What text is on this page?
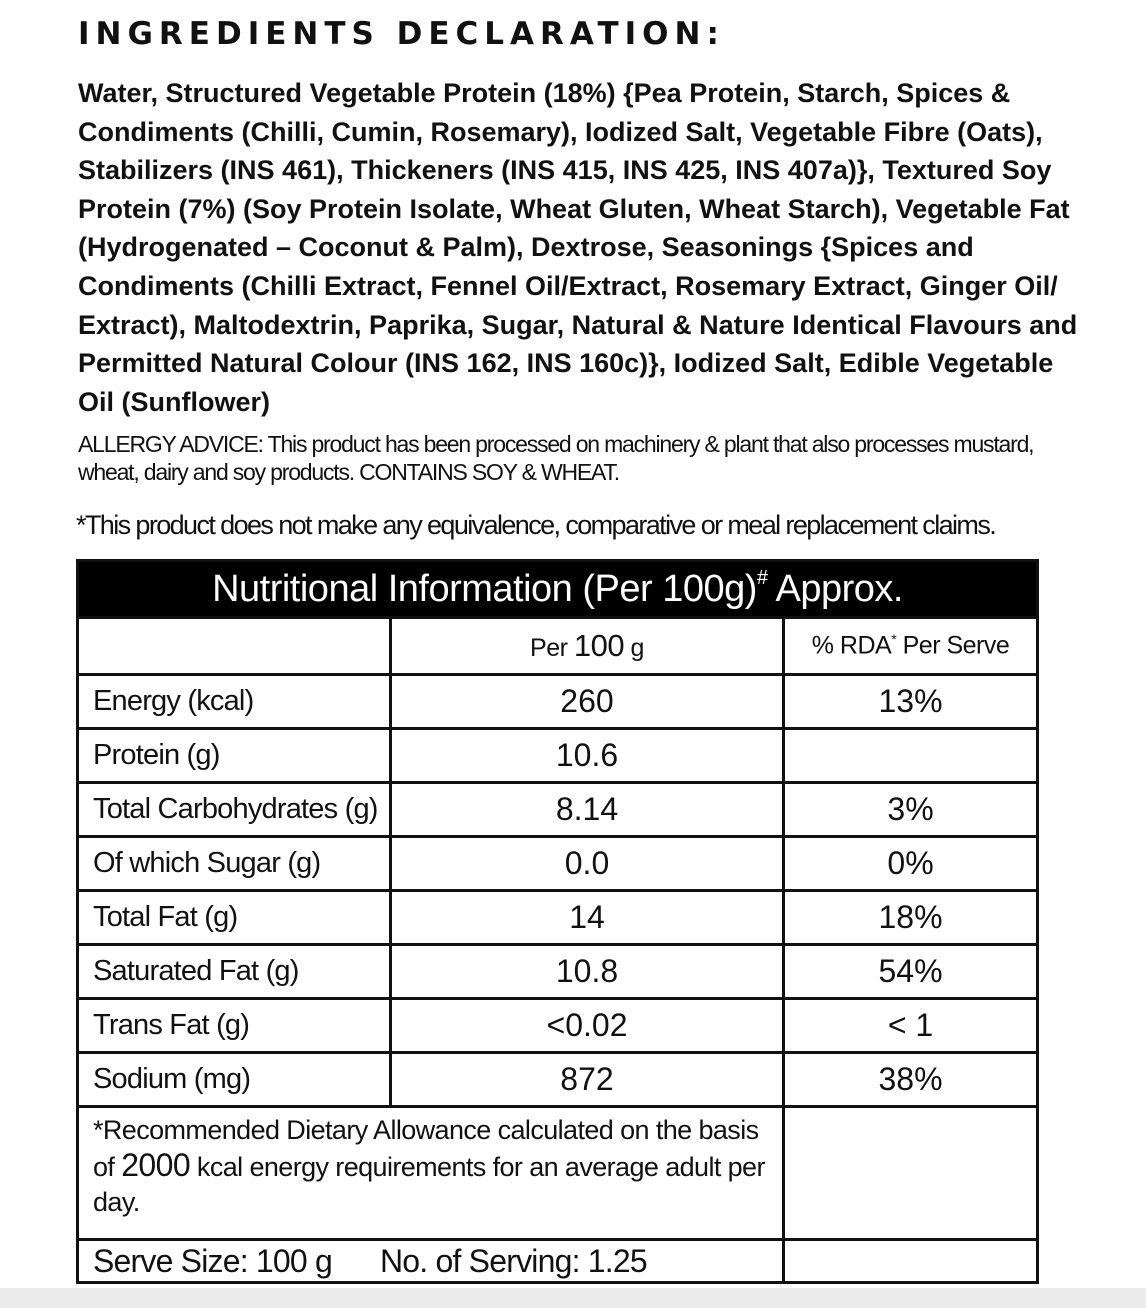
INGREDIENTS DECLARATION:

Water, Structured Vegetable Protein (18%) {Pea Protein, Starch, Spices & Condiments (Chilli, Cumin, Rosemary), Iodized Salt, Vegetable Fibre (Oats), Stabilizers (INS 461), Thickeners (INS 415, INS 425, INS 407a)}, Textured Soy Protein (7%) (Soy Protein Isolate, Wheat Gluten, Wheat Starch), Vegetable Fat (Hydrogenated – Coconut & Palm), Dextrose, Seasonings {Spices and Condiments (Chilli Extract, Fennel Oil/Extract, Rosemary Extract, Ginger Oil/ Extract), Maltodextrin, Paprika, Sugar, Natural & Nature Identical Flavours and Permitted Natural Colour (INS 162, INS 160c)}, Iodized Salt, Edible Vegetable Oil (Sunflower)

ALLERGY ADVICE: This product has been processed on machinery & plant that also processes mustard, wheat, dairy and soy products. CONTAINS SOY & WHEAT.

*This product does not make any equivalence, comparative or meal replacement claims.

Nutritional Information (Per 100g)# Approx.		
	Per 100 g	% RDA* Per Serve
Energy (kcal)	260	13%
Protein (g)	10.6	
Total Carbohydrates (g)	8.14	3%
Of which Sugar (g)	0.0	0%
Total Fat (g)	14	18%
Saturated Fat (g)	10.8	54%
Trans Fat (g)	<0.02	< 1
Sodium (mg)	872	38%
*Recommended Dietary Allowance calculated on the basis of 2000 kcal energy requirements for an average adult per day.		
Serve Size: 100 g No. of Serving: 1.25		
